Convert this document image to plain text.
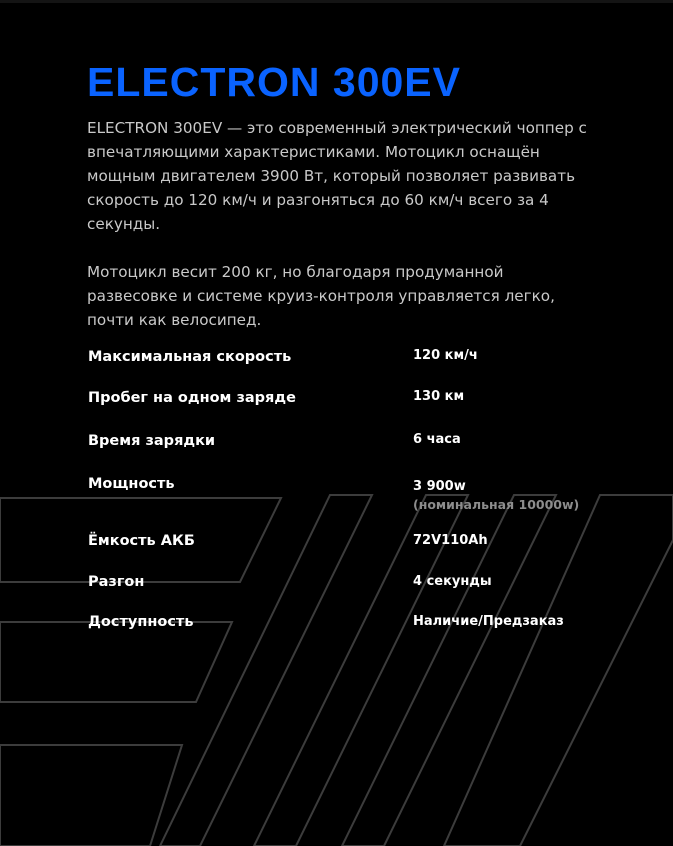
ELECTRON 300EV

ELECTRON 300EV — это современный электрический чоппер с впечатляющими характеристиками. Мотоцикл оснащён мощным двигателем 3900 Вт, который позволяет развивать скорость до 120 км/ч и разгоняться до 60 км/ч всего за 4 секунды.

Мотоцикл весит 200 кг, но благодаря продуманной развесовке и системе круиз-контроля управляется легко, почти как велосипед.

Максимальная скорость	120 км/ч
Пробег на одном заряде	130 км
Время зарядки	6 часа
Мощность	3 900w
(номинальная 10000w)
Ёмкость АКБ	72V110Ah
Разгон	4 секунды
Доступность	Наличие/Предзаказ
